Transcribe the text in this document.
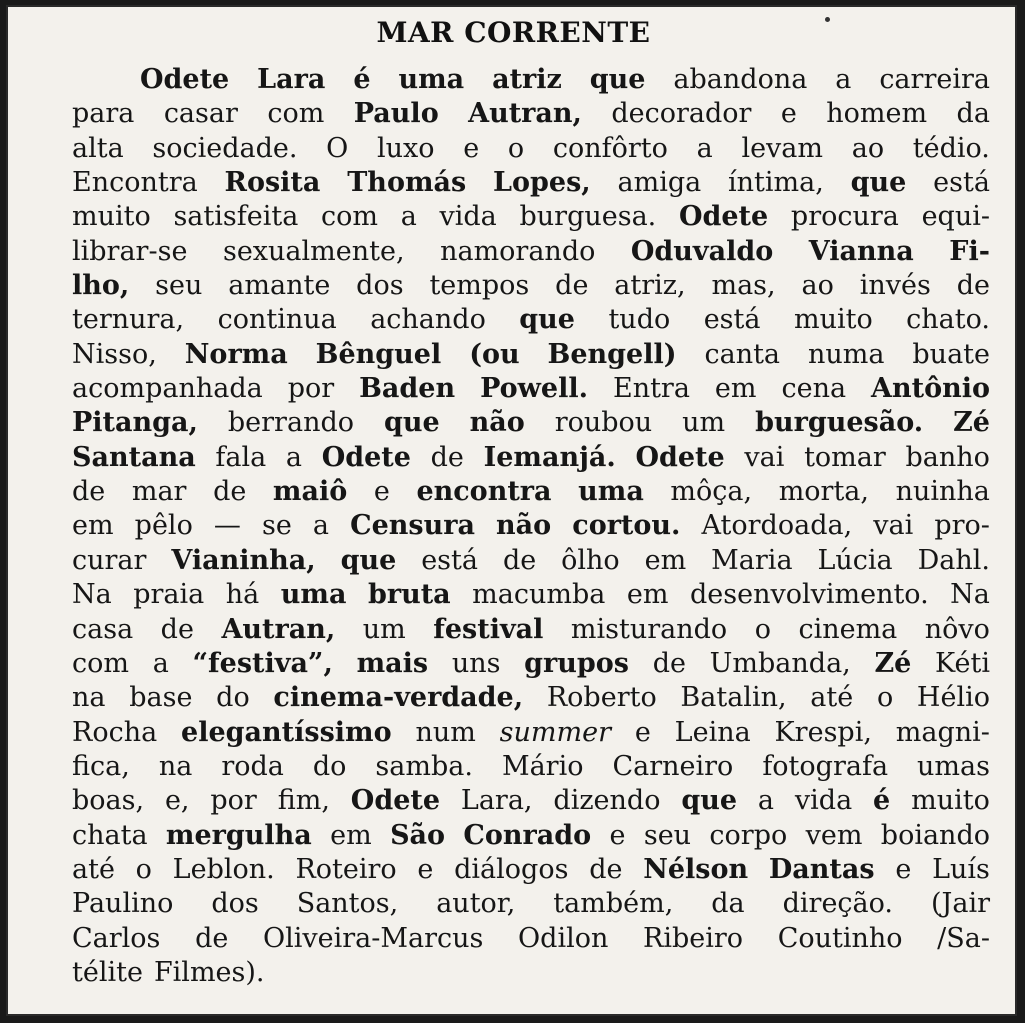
MAR CORRENTE
Odete Lara é uma atriz que abandona a carreira
para casar com Paulo Autran, decorador e homem da
alta sociedade. O luxo e o confôrto a levam ao tédio.
Encontra Rosita Thomás Lopes, amiga íntima, que está
muito satisfeita com a vida burguesa. Odete procura equi-
librar-se sexualmente, namorando Oduvaldo Vianna Fi-
lho, seu amante dos tempos de atriz, mas, ao invés de
ternura, continua achando que tudo está muito chato.
Nisso, Norma Bênguel (ou Bengell) canta numa buate
acompanhada por Baden Powell. Entra em cena Antônio
Pitanga, berrando que não roubou um burguesão. Zé
Santana fala a Odete de Iemanjá. Odete vai tomar banho
de mar de maiô e encontra uma môça, morta, nuinha
em pêlo — se a Censura não cortou. Atordoada, vai pro-
curar Vianinha, que está de ôlho em Maria Lúcia Dahl.
Na praia há uma bruta macumba em desenvolvimento. Na
casa de Autran, um festival misturando o cinema nôvo
com a “festiva”, mais uns grupos de Umbanda, Zé Kéti
na base do cinema-verdade, Roberto Batalin, até o Hélio
Rocha elegantíssimo num summer e Leina Krespi, magni-
fica, na roda do samba. Mário Carneiro fotografa umas
boas, e, por fim, Odete Lara, dizendo que a vida é muito
chata mergulha em São Conrado e seu corpo vem boiando
até o Leblon. Roteiro e diálogos de Nélson Dantas e Luís
Paulino dos Santos, autor, também, da direção. (Jair
Carlos de Oliveira-Marcus Odilon Ribeiro Coutinho /Sa-
télite Filmes).
